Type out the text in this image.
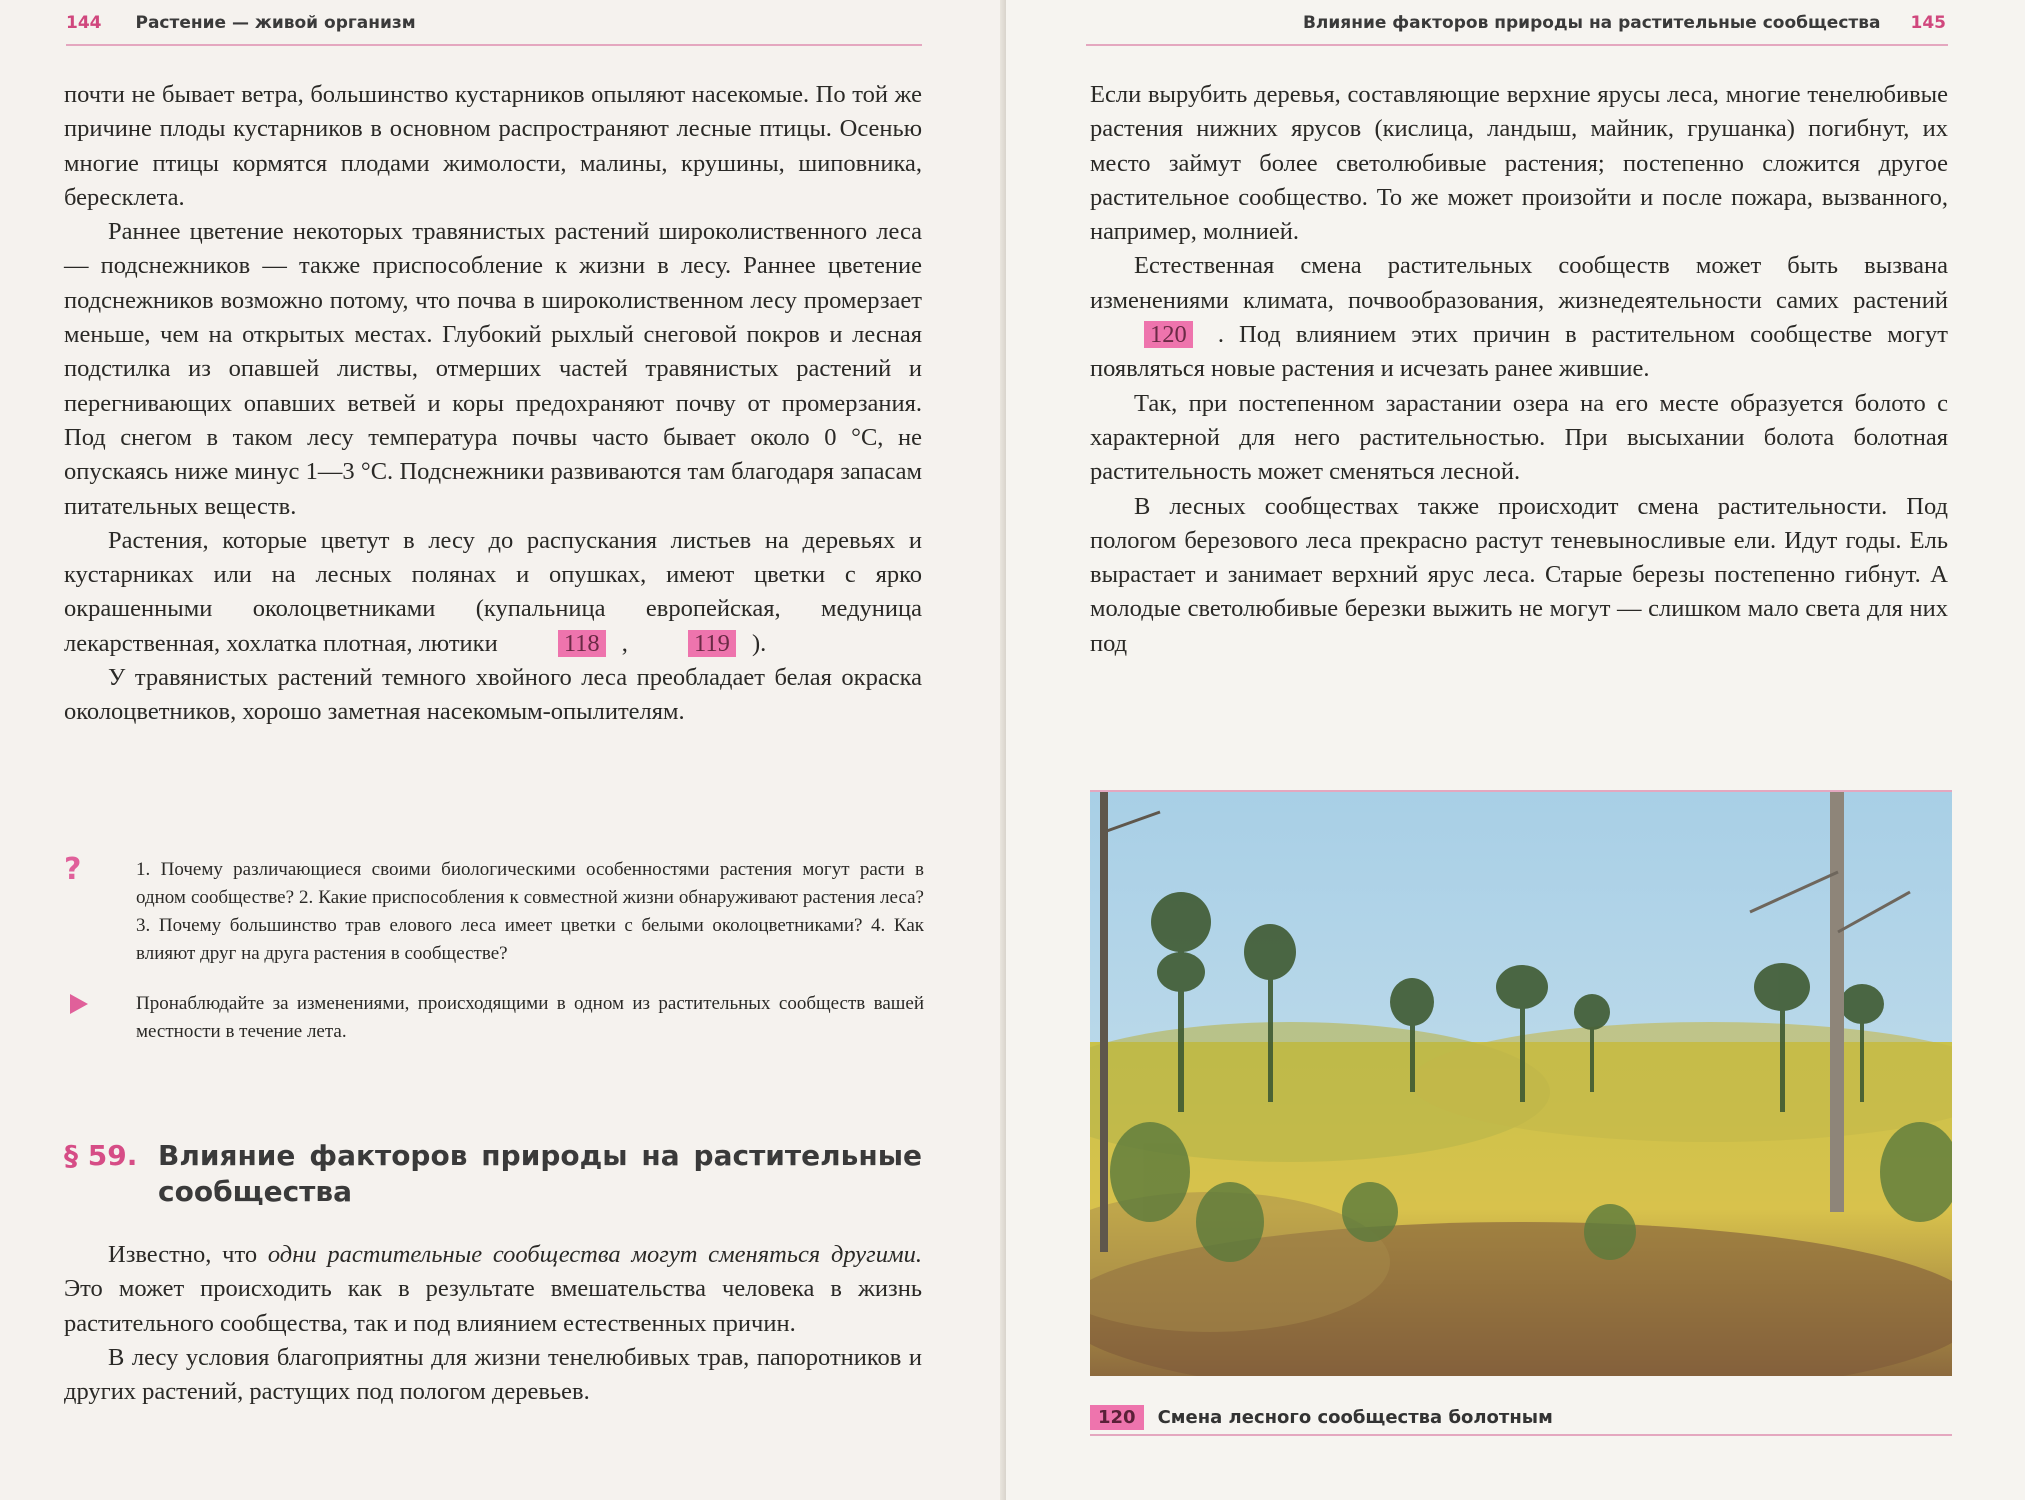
144 Растение — живой организм

почти не бывает ветра, большинство кустарников опыляют насекомые. По той же причине плоды кустарников в основном распространяют лесные птицы. Осенью многие птицы кормятся плодами жимолости, малины, крушины, шиповника, бересклета.

Раннее цветение некоторых травянистых растений широколиственного леса — подснежников — также приспособление к жизни в лесу. Раннее цветение подснежников возможно потому, что почва в широколиственном лесу промерзает меньше, чем на открытых местах. Глубокий рыхлый снеговой покров и лесная подстилка из опавшей листвы, отмерших частей травянистых растений и перегнивающих опавших ветвей и коры предохраняют почву от промерзания. Под снегом в таком лесу температура почвы часто бывает около 0 °С, не опускаясь ниже минус 1—3 °С. Подснежники развиваются там благодаря запасам питательных веществ.

Растения, которые цветут в лесу до распускания листьев на деревьях и кустарниках или на лесных полянах и опушках, имеют цветки с ярко окрашенными околоцветниками (купальница европейская, медуница лекарственная, хохлатка плотная, лютики	118 ,	119 ).

У травянистых растений темного хвойного леса преобладает белая окраска околоцветников, хорошо заметная насекомым-опылителям.

?	1. Почему различающиеся своими биологическими особенностями растения могут расти в одном сообществе? 2. Какие приспособления к совместной жизни обнаруживают растения леса? 3. Почему большинство трав елового леса имеет цветки с белыми околоцветниками? 4. Как влияют друг на друга растения в сообществе?
Пронаблюдайте за изменениями, происходящими в одном из растительных сообществ вашей местности в течение лета.
§ 59. Влияние факторов природы на растительные сообщества

Известно, что одни растительные сообщества могут сменяться другими. Это может происходить как в результате вмешательства человека в жизнь растительного сообщества, так и под влиянием естественных причин.

В лесу условия благоприятны для жизни тенелюбивых трав, папоротников и других растений, растущих под пологом деревьев.

Влияние факторов природы на растительные сообщества 145

Если вырубить деревья, составляющие верхние ярусы леса, многие тенелюбивые растения нижних ярусов (кислица, ландыш, майник, грушанка) погибнут, их место займут более светолюбивые растения; постепенно сложится другое растительное сообщество. То же может произойти и после пожара, вызванного, например, молнией.

Естественная смена растительных сообществ может быть вызвана изменениями климата, почвообразования, жизнедеятельности самих растений 120 . Под влиянием этих причин в растительном сообществе могут появляться новые растения и исчезать ранее жившие.

Так, при постепенном зарастании озера на его месте образуется болото с характерной для него растительностью. При высыхании болота болотная растительность может сменяться лесной.

В лесных сообществах также происходит смена растительности. Под пологом березового леса прекрасно растут теневыносливые ели. Идут годы. Ель вырастает и занимает верхний ярус леса. Старые березы постепенно гибнут. А молодые светолюбивые березки выжить не могут — слишком мало света для них под

120	Смена лесного сообщества болотным
